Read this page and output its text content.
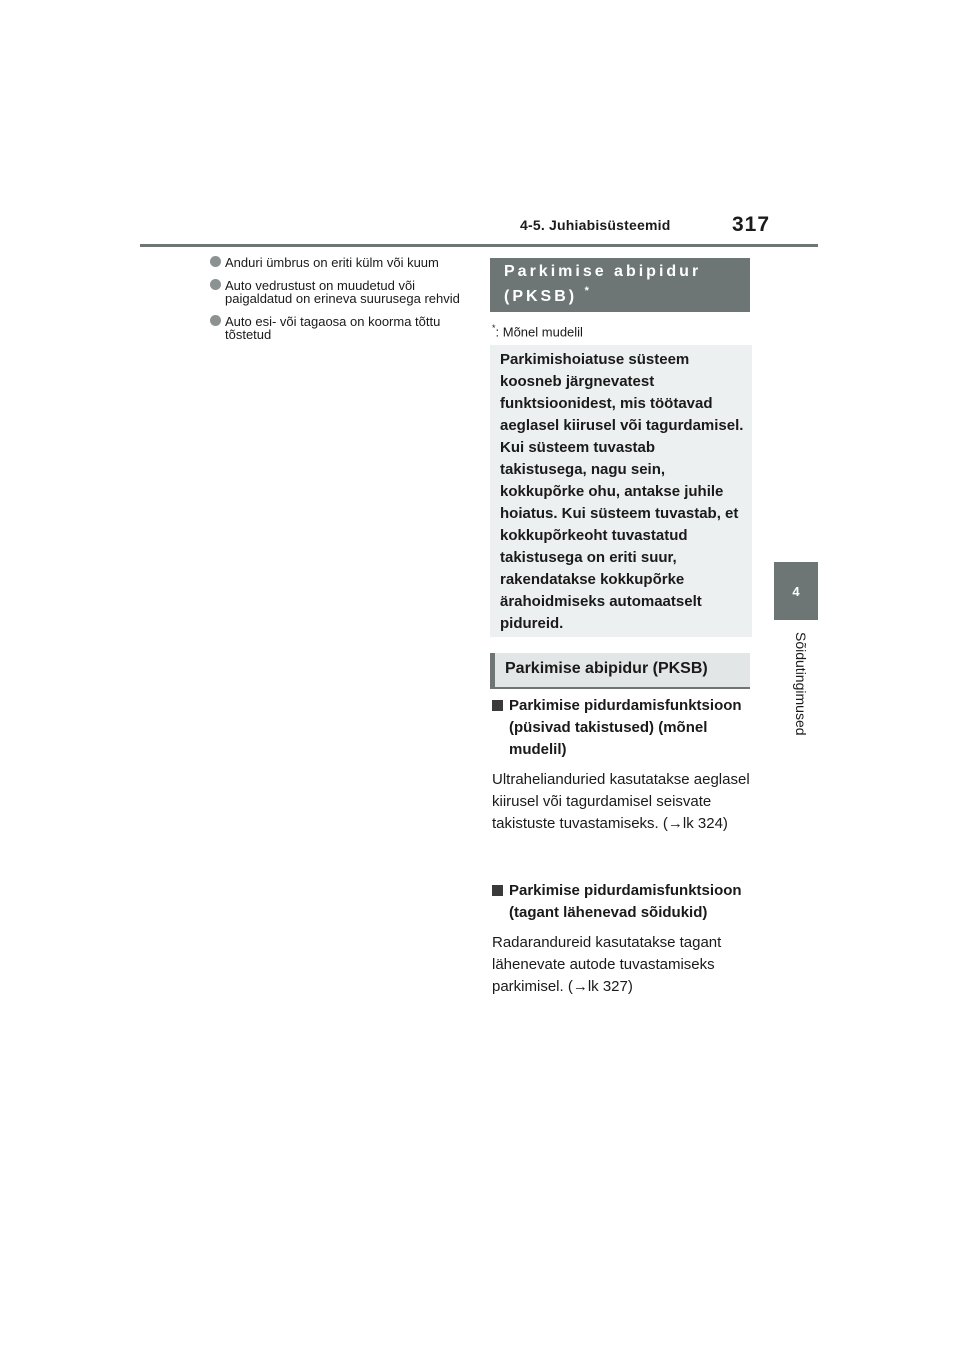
4-5. Juhiabisüsteemid	317
4
Sõidutingimused
Anduri ümbrus on eriti külm või kuum
Auto vedrustust on muudetud või paigaldatud on erineva suurusega rehvid
Auto esi- või tagaosa on koorma tõttu tõstetud
Parkimise abipidur
(PKSB) *
*: Mõnel mudelil
Parkimishoiatuse süsteem koosneb järgnevatest funktsioonidest, mis töötavad aeglasel kiirusel või tagurdamisel. Kui süsteem tuvastab takistusega, nagu sein, kokkupõrke ohu, antakse juhile hoiatus. Kui süsteem tuvastab, et kokkupõrkeoht tuvastatud takistusega on eriti suur, rakendatakse kokkupõrke ärahoidmiseks automaatselt pidureid.
Parkimise abipidur (PKSB)
Parkimise pidurdamisfunktsioon (püsivad takistused) (mõnel mudelil)
Ultrahelianduried kasutatakse aeglasel kiirusel või tagurdamisel seisvate takistuste tuvastamiseks. (→lk 324)
Parkimise pidurdamisfunktsioon (tagant lähenevad sõidukid)
Radarandureid kasutatakse tagant lähenevate autode tuvastamiseks parkimisel. (→lk 327)
